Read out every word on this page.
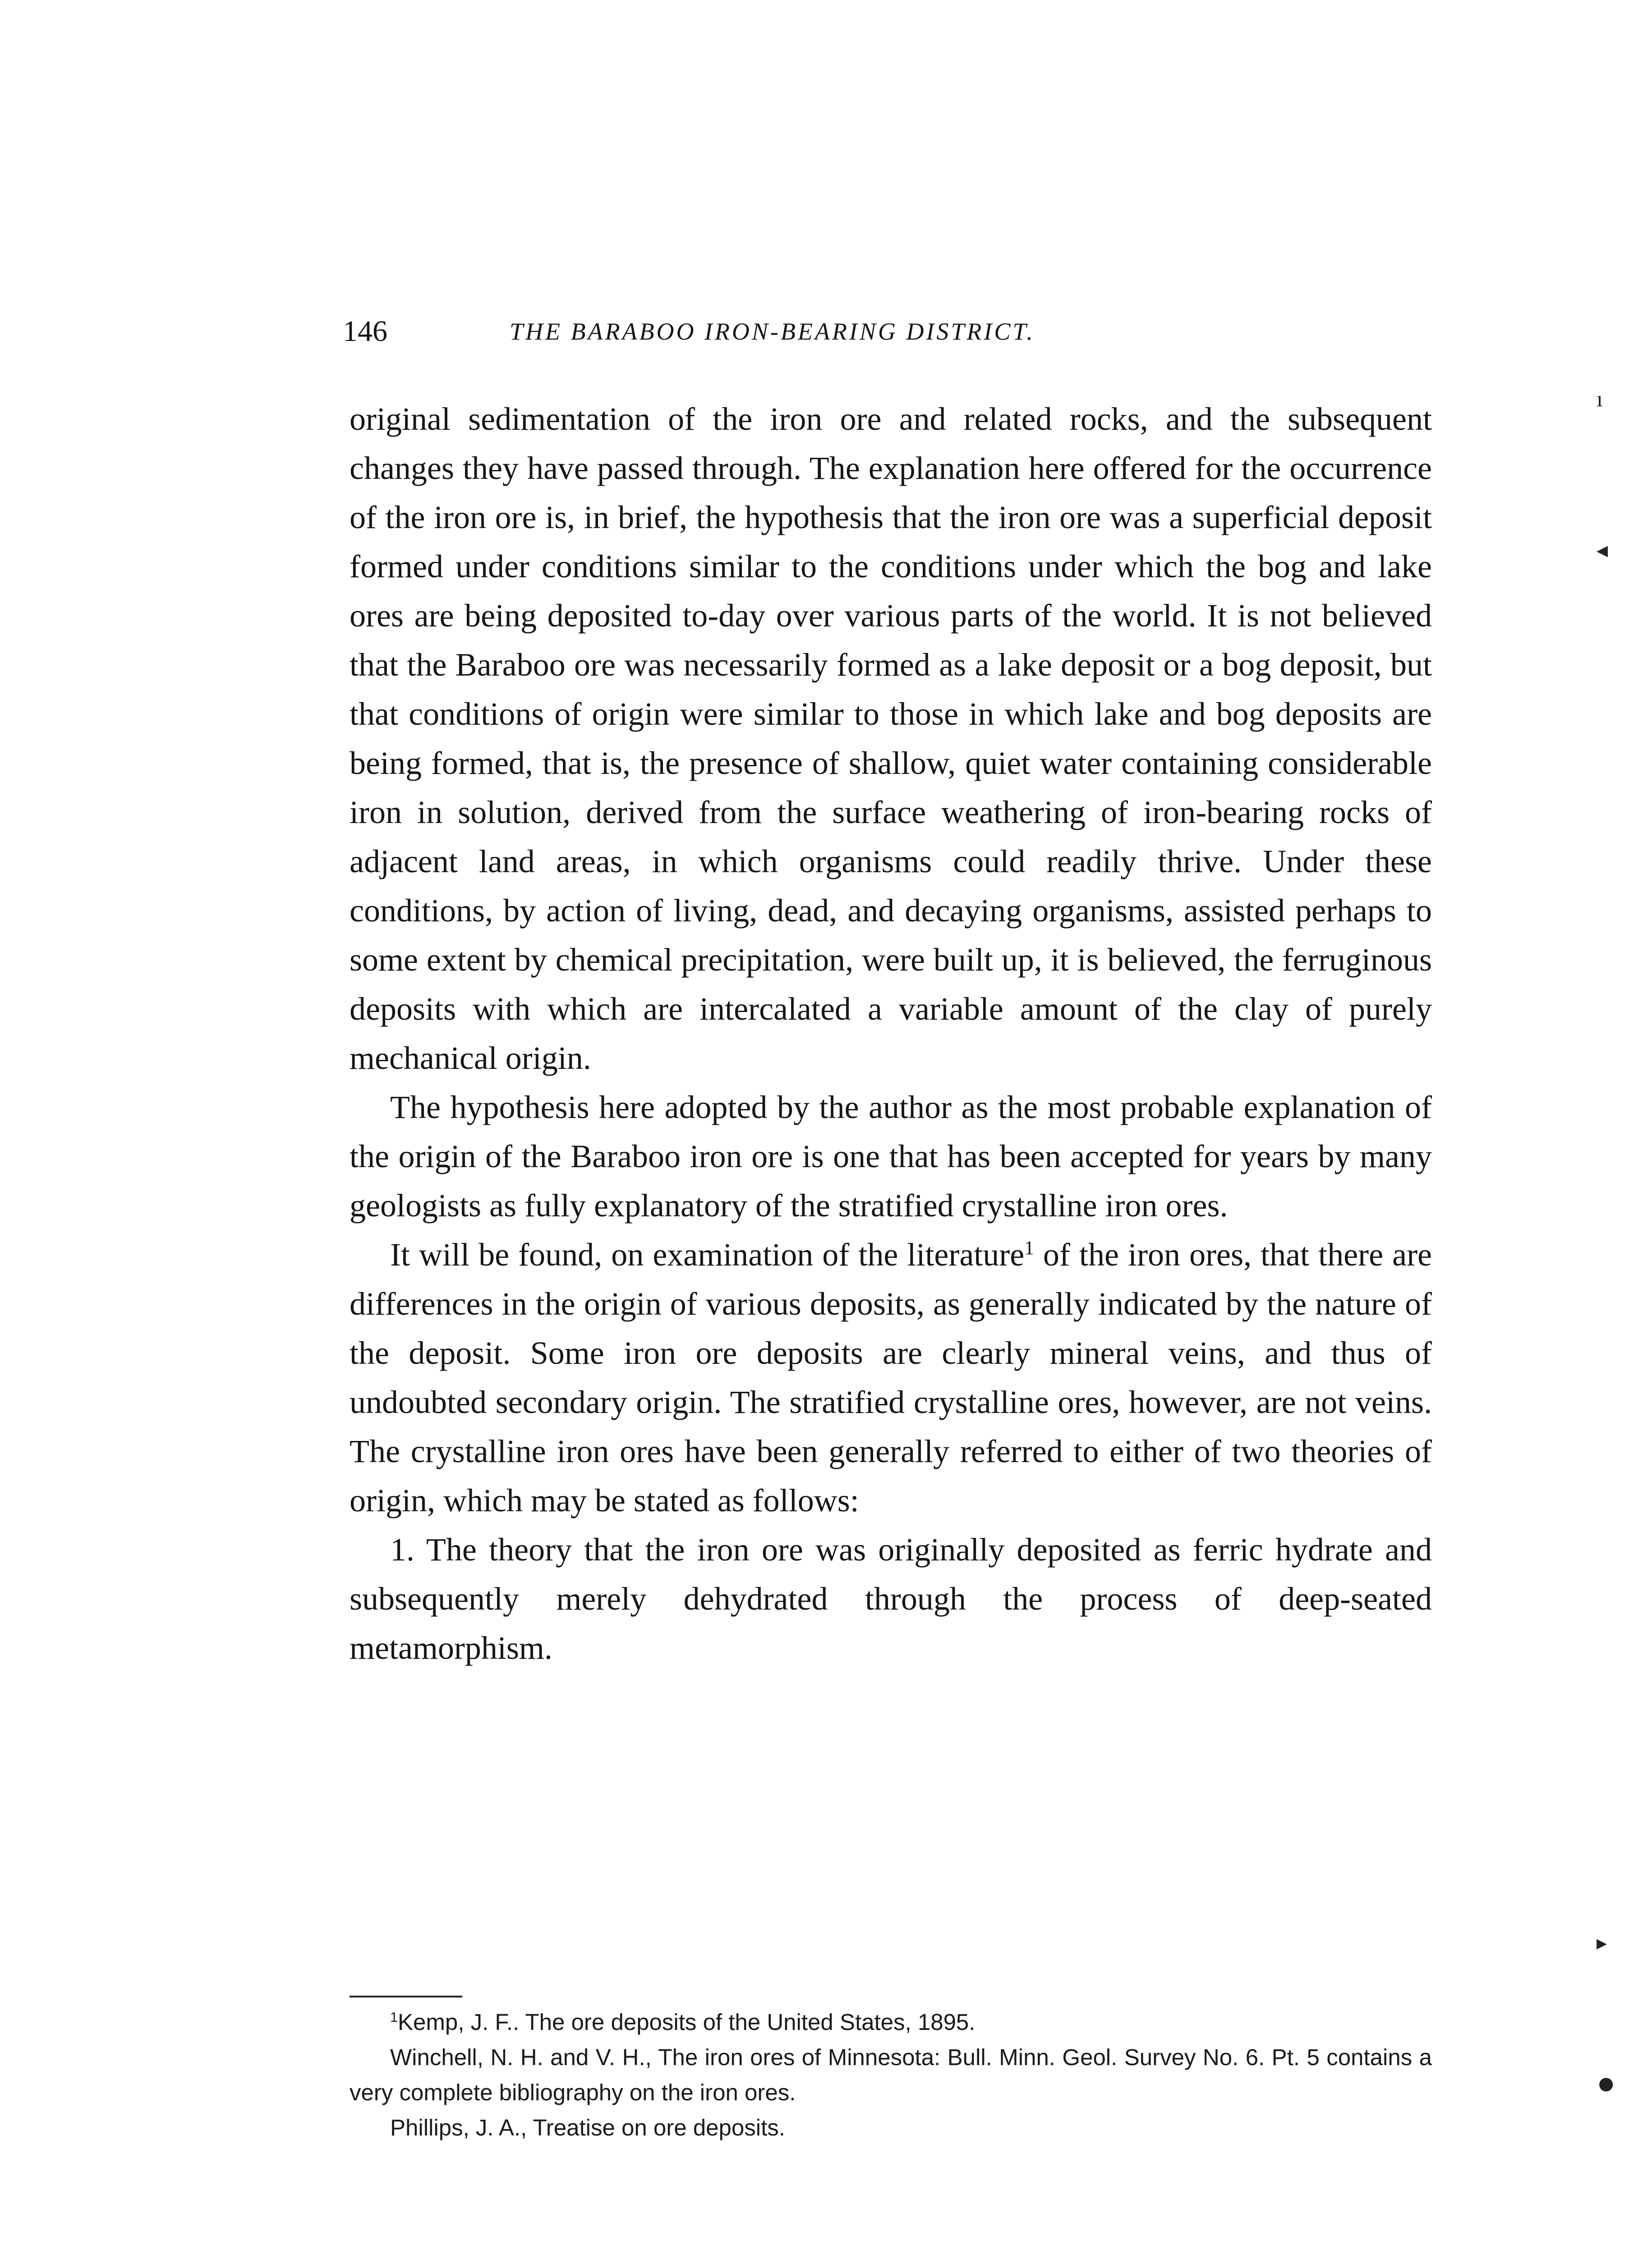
146	THE BARABOO IRON-BEARING DISTRICT.

original sedimentation of the iron ore and related rocks, and the subsequent changes they have passed through. The explanation here offered for the occurrence of the iron ore is, in brief, the hypothesis that the iron ore was a superficial deposit formed under conditions similar to the conditions under which the bog and lake ores are being deposited to-day over various parts of the world. It is not believed that the Baraboo ore was necessarily formed as a lake deposit or a bog deposit, but that conditions of origin were similar to those in which lake and bog deposits are being formed, that is, the presence of shallow, quiet water containing considerable iron in solution, derived from the surface weathering of iron-bearing rocks of adjacent land areas, in which organisms could readily thrive. Under these conditions, by action of living, dead, and decaying organisms, assisted perhaps to some extent by chemical precipitation, were built up, it is believed, the ferruginous deposits with which are intercalated a variable amount of the clay of purely mechanical origin.

The hypothesis here adopted by the author as the most probable explanation of the origin of the Baraboo iron ore is one that has been accepted for years by many geologists as fully explanatory of the stratified crystalline iron ores.

It will be found, on examination of the literature$^1$ of the iron ores, that there are differences in the origin of various deposits, as generally indicated by the nature of the deposit. Some iron ore deposits are clearly mineral veins, and thus of undoubted secondary origin. The stratified crystalline ores, however, are not veins. The crystalline iron ores have been generally referred to either of two theories of origin, which may be stated as follows:

1. The theory that the iron ore was originally deposited as ferric hydrate and subsequently merely dehydrated through the process of deep-seated metamorphism.

$^1$Kemp, J. F.. The ore deposits of the United States, 1895.

Winchell, N. H. and V. H., The iron ores of Minnesota: Bull. Minn. Geol. Survey No. 6. Pt. 5 contains a very complete bibliography on the iron ores.

Phillips, J. A., Treatise on ore deposits.

ı
◂
▸
●
